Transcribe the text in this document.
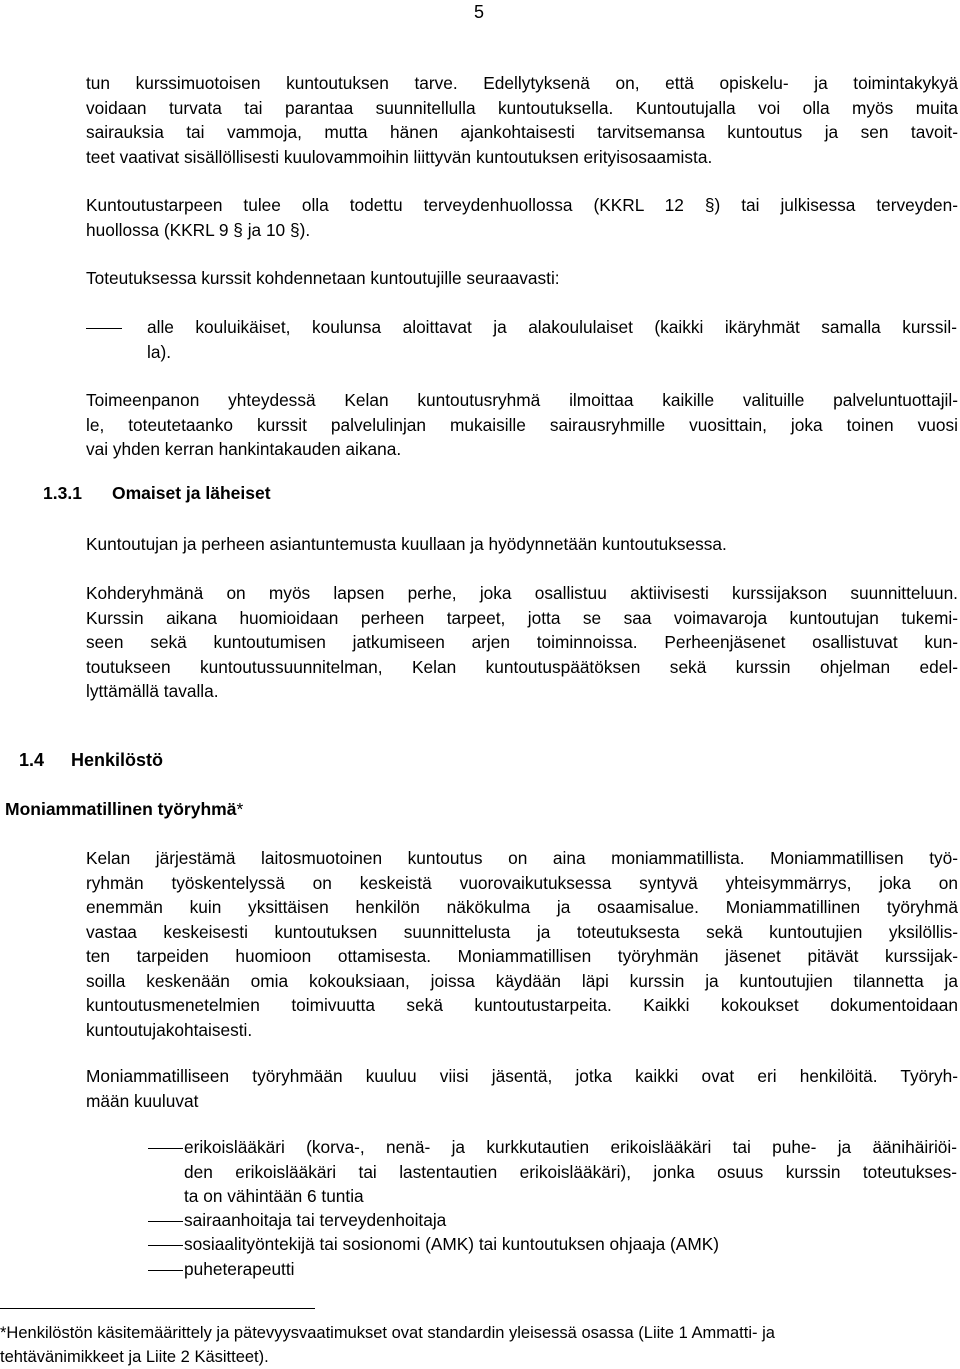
5
tun kurssimuotoisen kuntoutuksen tarve. Edellytyksenä on, että opiskelu- ja toimintakykyä
voidaan turvata tai parantaa suunnitellulla kuntoutuksella. Kuntoutujalla voi olla myös muita
sairauksia tai vammoja, mutta hänen ajankohtaisesti tarvitsemansa kuntoutus ja sen tavoit-
teet vaativat sisällöllisesti kuulovammoihin liittyvän kuntoutuksen erityisosaamista.
Kuntoutustarpeen tulee olla todettu terveydenhuollossa (KKRL 12 §) tai julkisessa terveyden-
huollossa (KKRL 9 § ja 10 §).
Toteutuksessa kurssit kohdennetaan kuntoutujille seuraavasti:
alle kouluikäiset, koulunsa aloittavat ja alakoululaiset (kaikki ikäryhmät samalla kurssil-
la).
Toimeenpanon yhteydessä Kelan kuntoutusryhmä ilmoittaa kaikille valituille palveluntuottajil-
le, toteutetaanko kurssit palvelulinjan mukaisille sairausryhmille vuosittain, joka toinen vuosi
vai yhden kerran hankintakauden aikana.
1.3.1 Omaiset ja läheiset
Kuntoutujan ja perheen asiantuntemusta kuullaan ja hyödynnetään kuntoutuksessa.
Kohderyhmänä on myös lapsen perhe, joka osallistuu aktiivisesti kurssijakson suunnitteluun.
Kurssin aikana huomioidaan perheen tarpeet, jotta se saa voimavaroja kuntoutujan tukemi-
seen sekä kuntoutumisen jatkumiseen arjen toiminnoissa. Perheenjäsenet osallistuvat kun-
toutukseen kuntoutussuunnitelman, Kelan kuntoutuspäätöksen sekä kurssin ohjelman edel-
lyttämällä tavalla.
1.4 Henkilöstö
Moniammatillinen työryhmä*
Kelan järjestämä laitosmuotoinen kuntoutus on aina moniammatillista. Moniammatillisen työ-
ryhmän työskentelyssä on keskeistä vuorovaikutuksessa syntyvä yhteisymmärrys, joka on
enemmän kuin yksittäisen henkilön näkökulma ja osaamisalue. Moniammatillinen työryhmä
vastaa keskeisesti kuntoutuksen suunnittelusta ja toteutuksesta sekä kuntoutujien yksilöllis-
ten tarpeiden huomioon ottamisesta. Moniammatillisen työryhmän jäsenet pitävät kurssijak-
soilla keskenään omia kokouksiaan, joissa käydään läpi kurssin ja kuntoutujien tilannetta ja
kuntoutusmenetelmien toimivuutta sekä kuntoutustarpeita. Kaikki kokoukset dokumentoidaan
kuntoutujakohtaisesti.
Moniammatilliseen työryhmään kuuluu viisi jäsentä, jotka kaikki ovat eri henkilöitä. Työryh-
mään kuuluvat
erikoislääkäri (korva-, nenä- ja kurkkutautien erikoislääkäri tai puhe- ja äänihäiriöi-
den erikoislääkäri tai lastentautien erikoislääkäri), jonka osuus kurssin toteutukses-
ta on vähintään 6 tuntia
sairaanhoitaja tai terveydenhoitaja
sosiaalityöntekijä tai sosionomi (AMK) tai kuntoutuksen ohjaaja (AMK)
puheterapeutti
*Henkilöstön käsitemäärittely ja pätevyysvaatimukset ovat standardin yleisessä osassa (Liite 1 Ammatti- ja
tehtävänimikkeet ja Liite 2 Käsitteet).
